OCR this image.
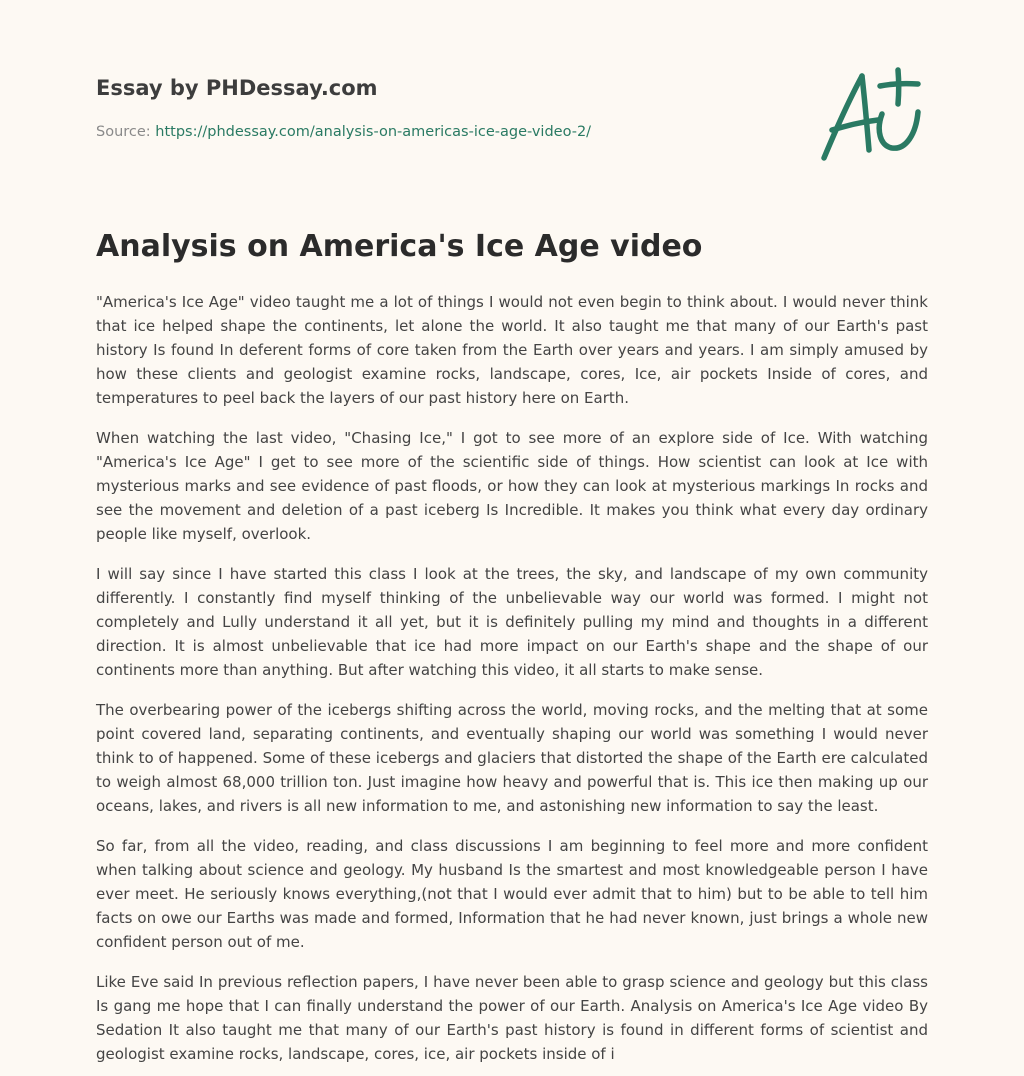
Essay by PHDessay.com
Source: https://phdessay.com/analysis-on-americas-ice-age-video-2/
Analysis on America's Ice Age video

"America's Ice Age" video taught me a lot of things I would not even begin to think about. I would never think that ice helped shape the continents, let alone the world. It also taught me that many of our Earth's past history Is found In deferent forms of core taken from the Earth over years and years. I am simply amused by how these clients and geologist examine rocks, landscape, cores, Ice, air pockets Inside of cores, and temperatures to peel back the layers of our past history here on Earth.

When watching the last video, "Chasing Ice," I got to see more of an explore side of Ice. With watching "America's Ice Age" I get to see more of the scientific side of things. How scientist can look at Ice with mysterious marks and see evidence of past floods, or how they can look at mysterious markings In rocks and see the movement and deletion of a past iceberg Is Incredible. It makes you think what every day ordinary people like myself, overlook.

I will say since I have started this class I look at the trees, the sky, and landscape of my own community differently. I constantly find myself thinking of the unbelievable way our world was formed. I might not completely and Lully understand it all yet, but it is definitely pulling my mind and thoughts in a different direction. It is almost unbelievable that ice had more impact on our Earth's shape and the shape of our continents more than anything. But after watching this video, it all starts to make sense.

The overbearing power of the icebergs shifting across the world, moving rocks, and the melting that at some point covered land, separating continents, and eventually shaping our world was something I would never think to of happened. Some of these icebergs and glaciers that distorted the shape of the Earth ere calculated to weigh almost 68,000 trillion ton. Just imagine how heavy and powerful that is. This ice then making up our oceans, lakes, and rivers is all new information to me, and astonishing new information to say the least.

So far, from all the video, reading, and class discussions I am beginning to feel more and more confident when talking about science and geology. My husband Is the smartest and most knowledgeable person I have ever meet. He seriously knows everything,(not that I would ever admit that to him) but to be able to tell him facts on owe our Earths was made and formed, Information that he had never known, just brings a whole new confident person out of me.

Like Eve said In previous reflection papers, I have never been able to grasp science and geology but this class Is gang me hope that I can finally understand the power of our Earth. Analysis on America's Ice Age video By Sedation It also taught me that many of our Earth's past history is found in different forms of scientist and geologist examine rocks, landscape, cores, ice, air pockets inside of i
